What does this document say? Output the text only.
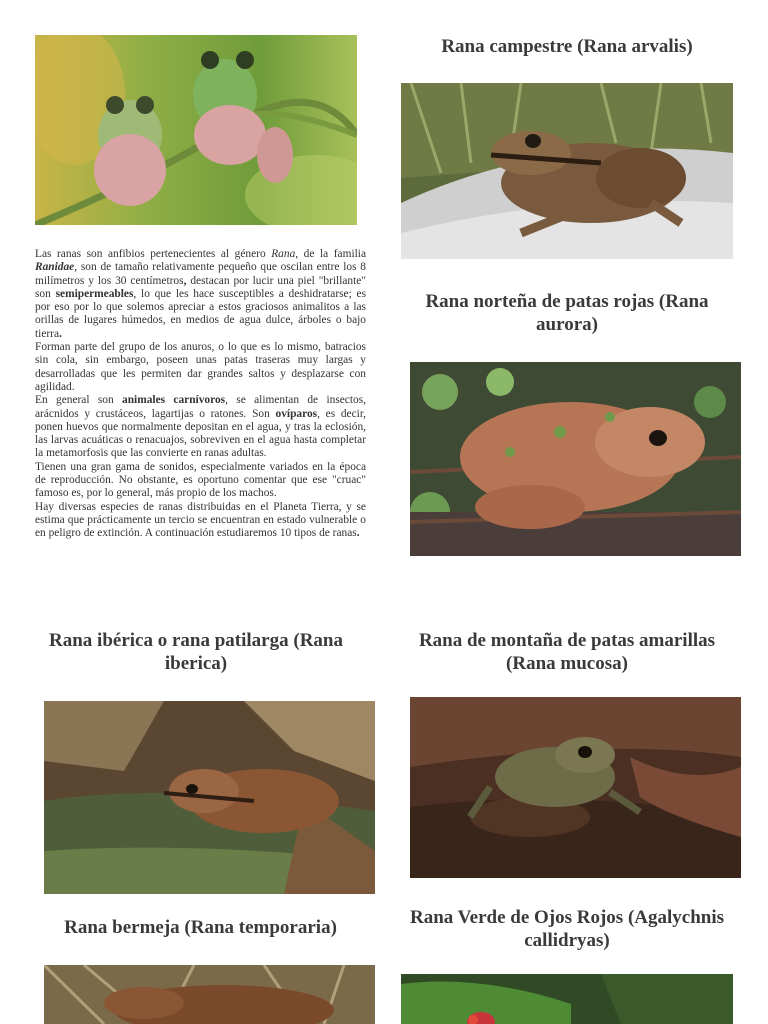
Las ranas son anfibios pertenecientes al género Rana, de la familia Ranidae, son de tamaño relativamente pequeño que oscilan entre los 8 milímetros y los 30 centímetros, destacan por lucir una piel "brillante" son semipermeables, lo que les hace susceptibles a deshidratarse; es por eso por lo que solemos apreciar a estos graciosos animalitos a las orillas de lugares húmedos, en medios de agua dulce, árboles o bajo tierra.

Forman parte del grupo de los anuros, o lo que es lo mismo, batracios sin cola, sin embargo, poseen unas patas traseras muy largas y desarrolladas que les permiten dar grandes saltos y desplazarse con agilidad.

En general son animales carnívoros, se alimentan de insectos, arácnidos y crustáceos, lagartijas o ratones. Son ovíparos, es decir, ponen huevos que normalmente depositan en el agua, y tras la eclosión, las larvas acuáticas o renacuajos, sobreviven en el agua hasta completar la metamorfosis que las convierte en ranas adultas.

Tienen una gran gama de sonidos, especialmente variados en la época de reproducción. No obstante, es oportuno comentar que ese "cruac" famoso es, por lo general, más propio de los machos.

Hay diversas especies de ranas distribuidas en el Planeta Tierra, y se estima que prácticamente un tercio se encuentran en estado vulnerable o en peligro de extinción. A continuación estudiaremos 10 tipos de ranas.

Rana campestre (Rana arvalis)
Rana norteña de patas rojas (Rana aurora)
Rana ibérica o rana patilarga (Rana iberica)
Rana de montaña de patas amarillas (Rana mucosa)
Rana bermeja (Rana temporaria)	Rana Verde de Ojos Rojos (Agalychnis callidryas)
